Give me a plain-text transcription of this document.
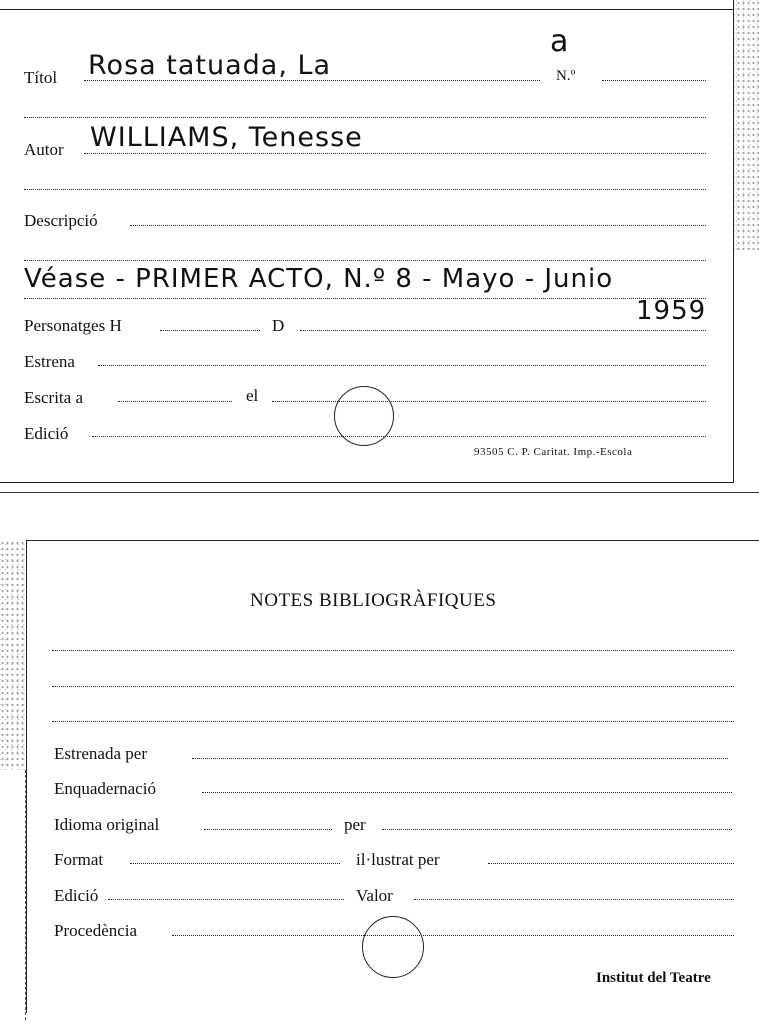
a
Títol Rosa tatuada, La	N.º
Autor WILLIAMS, Tenesse
Descripció
Véase - PRIMER ACTO, N.º 8 - Mayo - Junio
1959
Personatges H	D
Estrena
Escrita a	el
Edició
93505 C. P. Caritat. Imp.-Escola
NOTES BIBLIOGRÀFIQUES
Estrenada per
Enquadernació
Idioma original	per
Format	il·lustrat per
Edició	Valor
Procedència
Institut del Teatre
